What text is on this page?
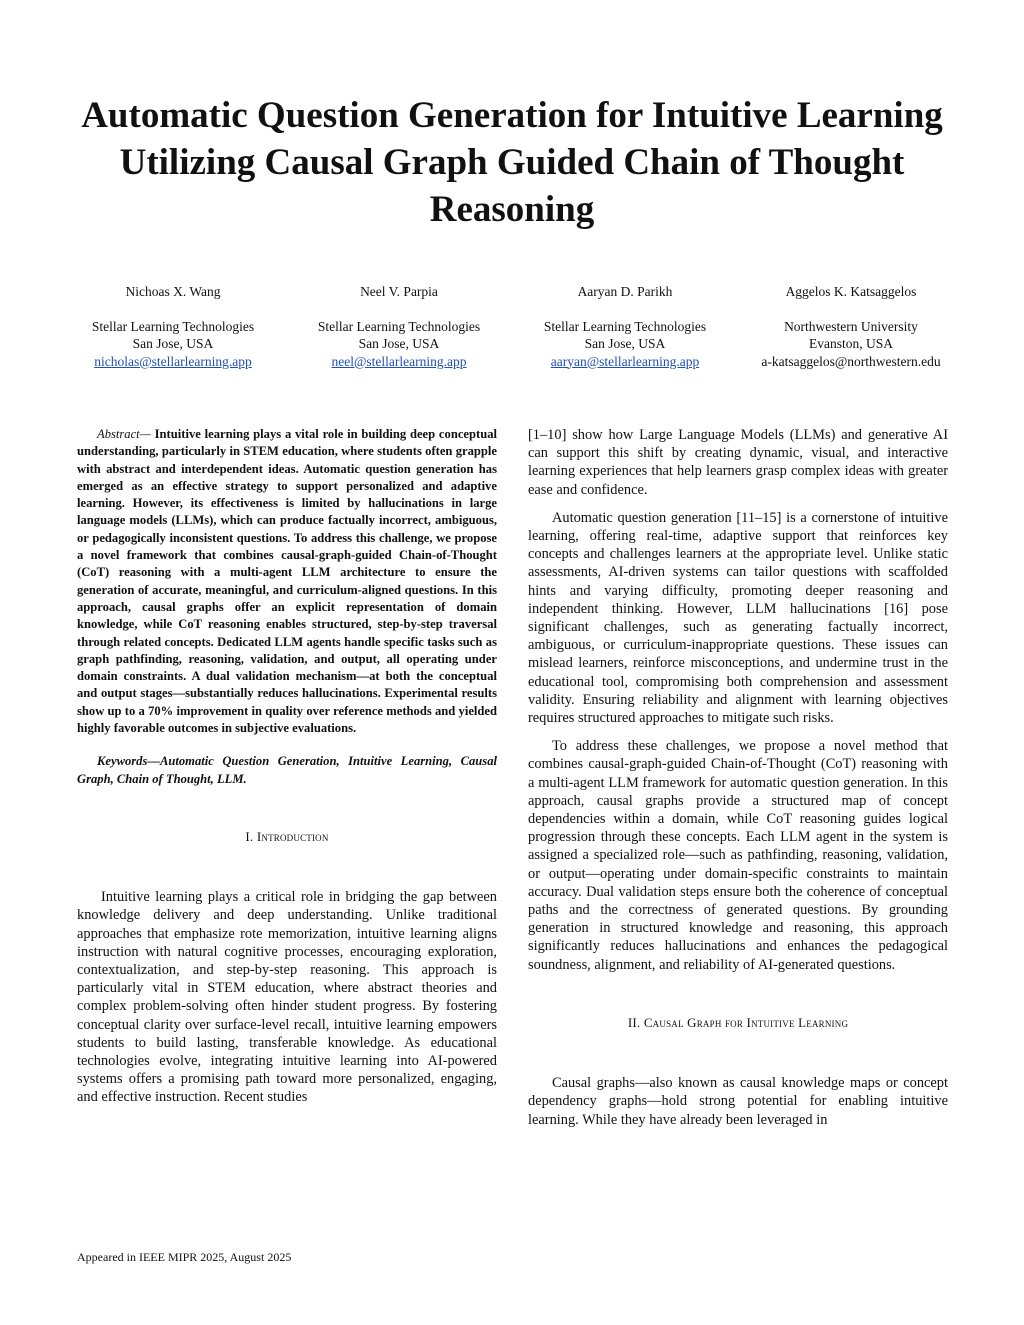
Automatic Question Generation for Intuitive Learning Utilizing Causal Graph Guided Chain of Thought Reasoning
Nichoas X. Wang
Stellar Learning Technologies
San Jose, USA
nicholas@stellarlearning.app
Neel V. Parpia
Stellar Learning Technologies
San Jose, USA
neel@stellarlearning.app
Aaryan D. Parikh
Stellar Learning Technologies
San Jose, USA
aaryan@stellarlearning.app
Aggelos K. Katsaggelos
Northwestern University
Evanston, USA
a-katsaggelos@northwestern.edu

Abstract— Intuitive learning plays a vital role in building deep conceptual understanding, particularly in STEM education, where students often grapple with abstract and interdependent ideas. Automatic question generation has emerged as an effective strategy to support personalized and adaptive learning. However, its effectiveness is limited by hallucinations in large language models (LLMs), which can produce factually incorrect, ambiguous, or pedagogically inconsistent questions. To address this challenge, we propose a novel framework that combines causal-graph-guided Chain-of-Thought (CoT) reasoning with a multi-agent LLM architecture to ensure the generation of accurate, meaningful, and curriculum-aligned questions. In this approach, causal graphs offer an explicit representation of domain knowledge, while CoT reasoning enables structured, step-by-step traversal through related concepts. Dedicated LLM agents handle specific tasks such as graph pathfinding, reasoning, validation, and output, all operating under domain constraints. A dual validation mechanism—at both the conceptual and output stages—substantially reduces hallucinations. Experimental results show up to a 70% improvement in quality over reference methods and yielded highly favorable outcomes in subjective evaluations.

Keywords—Automatic Question Generation, Intuitive Learning, Causal Graph, Chain of Thought, LLM.

I. Introduction

Intuitive learning plays a critical role in bridging the gap between knowledge delivery and deep understanding. Unlike traditional approaches that emphasize rote memorization, intuitive learning aligns instruction with natural cognitive processes, encouraging exploration, contextualization, and step-by-step reasoning. This approach is particularly vital in STEM education, where abstract theories and complex problem-solving often hinder student progress. By fostering conceptual clarity over surface-level recall, intuitive learning empowers students to build lasting, transferable knowledge. As educational technologies evolve, integrating intuitive learning into AI-powered systems offers a promising path toward more personalized, engaging, and effective instruction. Recent studies

[1–10] show how Large Language Models (LLMs) and generative AI can support this shift by creating dynamic, visual, and interactive learning experiences that help learners grasp complex ideas with greater ease and confidence.

Automatic question generation [11–15] is a cornerstone of intuitive learning, offering real-time, adaptive support that reinforces key concepts and challenges learners at the appropriate level. Unlike static assessments, AI-driven systems can tailor questions with scaffolded hints and varying difficulty, promoting deeper reasoning and independent thinking. However, LLM hallucinations [16] pose significant challenges, such as generating factually incorrect, ambiguous, or curriculum-inappropriate questions. These issues can mislead learners, reinforce misconceptions, and undermine trust in the educational tool, compromising both comprehension and assessment validity. Ensuring reliability and alignment with learning objectives requires structured approaches to mitigate such risks.

To address these challenges, we propose a novel method that combines causal-graph-guided Chain-of-Thought (CoT) reasoning with a multi-agent LLM framework for automatic question generation. In this approach, causal graphs provide a structured map of concept dependencies within a domain, while CoT reasoning guides logical progression through these concepts. Each LLM agent in the system is assigned a specialized role—such as pathfinding, reasoning, validation, or output—operating under domain-specific constraints to maintain accuracy. Dual validation steps ensure both the coherence of conceptual paths and the correctness of generated questions. By grounding generation in structured knowledge and reasoning, this approach significantly reduces hallucinations and enhances the pedagogical soundness, alignment, and reliability of AI-generated questions.

II. Causal Graph for Intuitive Learning

Causal graphs—also known as causal knowledge maps or concept dependency graphs—hold strong potential for enabling intuitive learning. While they have already been leveraged in

Appeared in IEEE MIPR 2025, August 2025
